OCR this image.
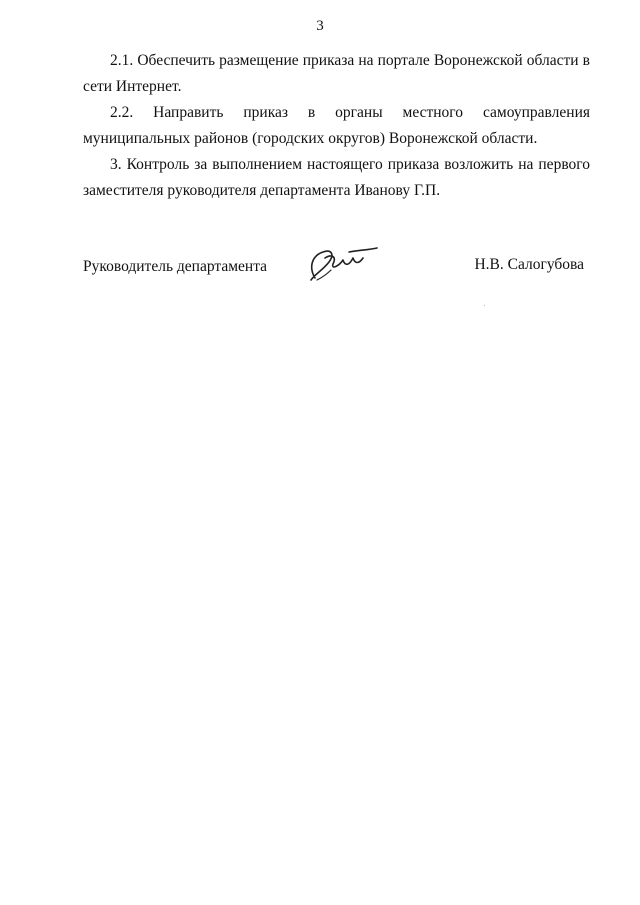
3

2.1. Обеспечить размещение приказа на портале Воронежской области в сети Интернет.

2.2. Направить приказ в органы местного самоуправления муниципальных районов (городских округов) Воронежской области.

3. Контроль за выполнением настоящего приказа возложить на первого заместителя руководителя департамента Иванову Г.П.

Руководитель департамента	Н.В. Салогубова
